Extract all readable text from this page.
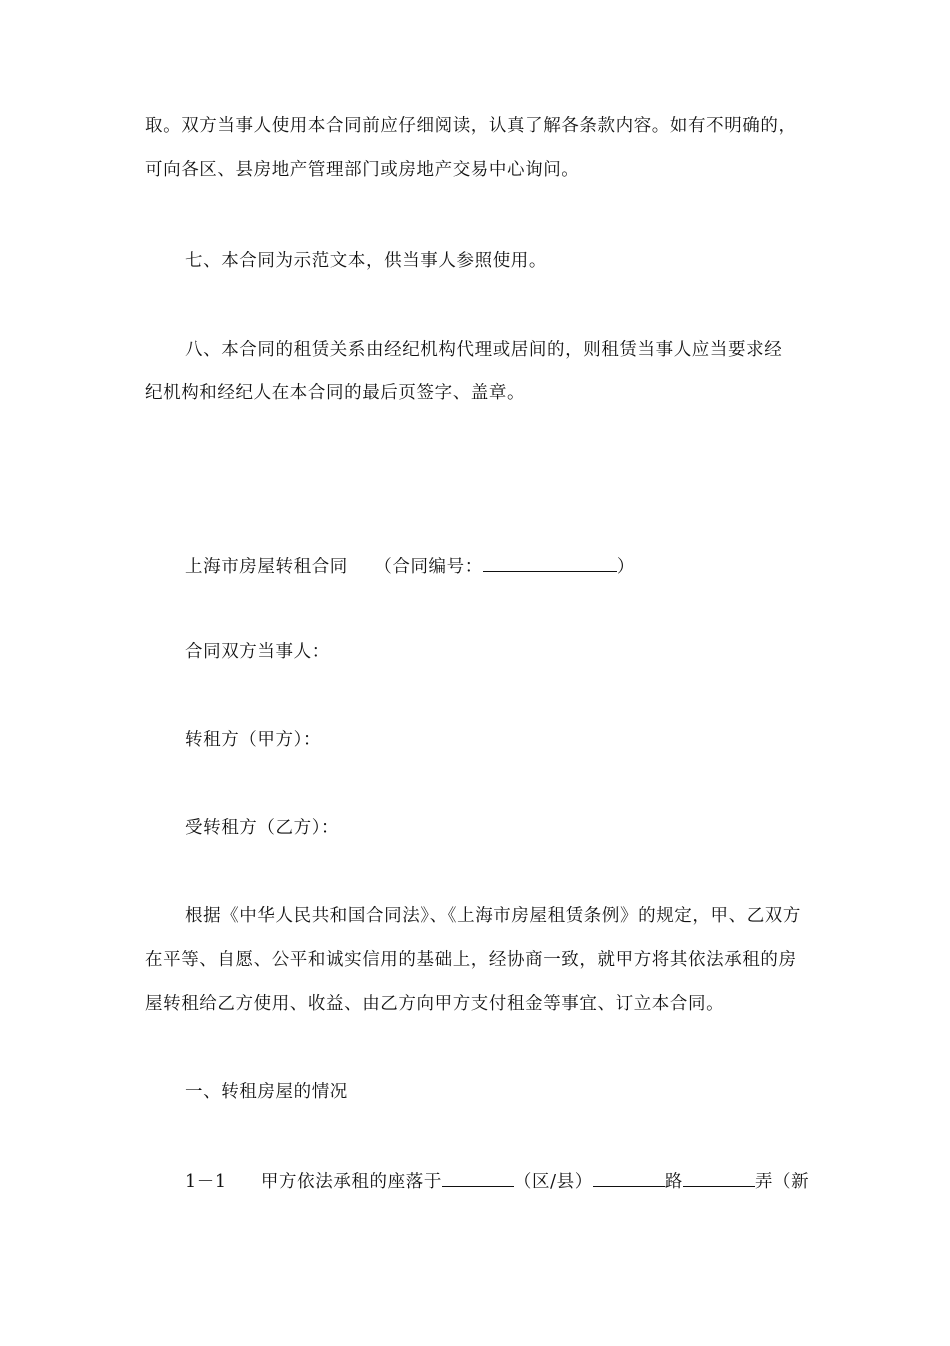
取。双方当事人使用本合同前应仔细阅读，认真了解各条款内容。如有不明确的，
可向各区、县房地产管理部门或房地产交易中心询问。
七、本合同为示范文本，供当事人参照使用。
八、本合同的租赁关系由经纪机构代理或居间的，则租赁当事人应当要求经
纪机构和经纪人在本合同的最后页签字、盖章。
上海市房屋转租合同 （合同编号：	）
合同双方当事人：
转租方（甲方）：
受转租方（乙方）：
根据《中华人民共和国合同法》、《上海市房屋租赁条例》的规定，甲、乙双方
在平等、自愿、公平和诚实信用的基础上，经协商一致，就甲方将其依法承租的房
屋转租给乙方使用、收益、由乙方向甲方支付租金等事宜、订立本合同。
一、转租房屋的情况
1－1 甲方依法承租的座落于	（区/县）	路	弄（新
